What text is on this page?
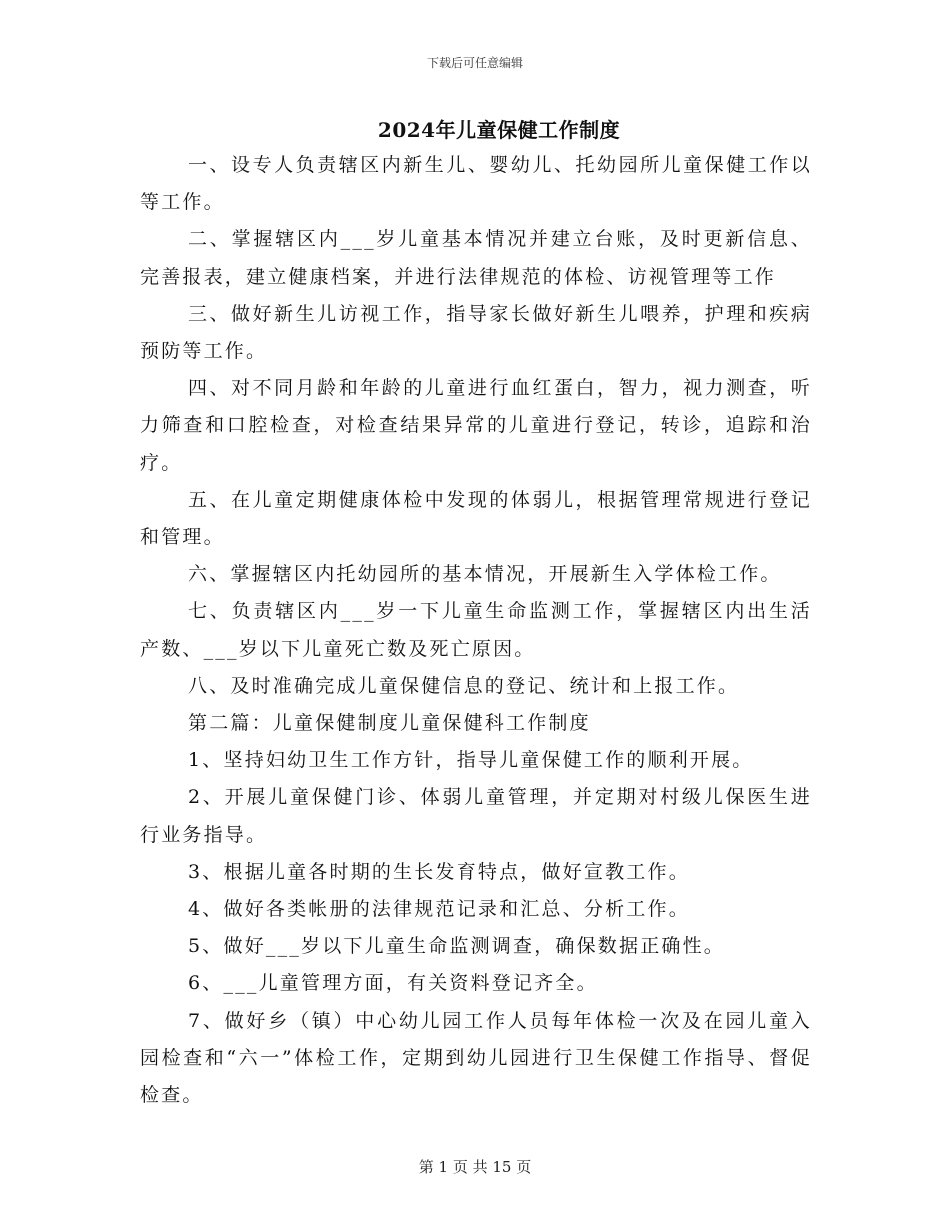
下载后可任意编辑
2024年儿童保健工作制度

一、设专人负责辖区内新生儿、婴幼儿、托幼园所儿童保健工作以等工作。

二、掌握辖区内___岁儿童基本情况并建立台账，及时更新信息、完善报表，建立健康档案，并进行法律规范的体检、访视管理等工作

三、做好新生儿访视工作，指导家长做好新生儿喂养，护理和疾病预防等工作。

四、对不同月龄和年龄的儿童进行血红蛋白，智力，视力测查，听力筛查和口腔检查，对检查结果异常的儿童进行登记，转诊，追踪和治疗。

五、在儿童定期健康体检中发现的体弱儿，根据管理常规进行登记和管理。

六、掌握辖区内托幼园所的基本情况，开展新生入学体检工作。

七、负责辖区内___岁一下儿童生命监测工作，掌握辖区内出生活产数、___岁以下儿童死亡数及死亡原因。

八、及时准确完成儿童保健信息的登记、统计和上报工作。

第二篇：儿童保健制度儿童保健科工作制度

1、坚持妇幼卫生工作方针，指导儿童保健工作的顺利开展。

2、开展儿童保健门诊、体弱儿童管理，并定期对村级儿保医生进行业务指导。

3、根据儿童各时期的生长发育特点，做好宣教工作。

4、做好各类帐册的法律规范记录和汇总、分析工作。

5、做好___岁以下儿童生命监测调查，确保数据正确性。

6、___儿童管理方面，有关资料登记齐全。

7、做好乡（镇）中心幼儿园工作人员每年体检一次及在园儿童入园检查和“六一”体检工作，定期到幼儿园进行卫生保健工作指导、督促检查。

第 1 页 共 15 页
